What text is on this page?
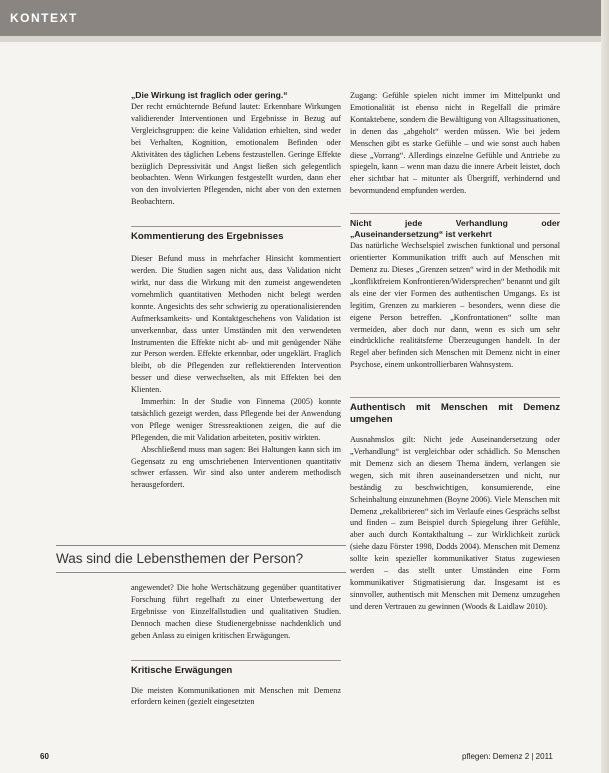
KONTEXT

„Die Wirkung ist fraglich oder gering.“

Der recht ernüchternde Befund lautet: Erkennbare Wirkungen validierender Interventionen und Ergebnisse in Bezug auf Vergleichsgruppen: die keine Validation erhielten, sind weder bei Verhalten, Kognition, emotionalem Befinden oder Aktivitäten des täglichen Lebens festzustellen. Geringe Effekte bezüglich Depressivität und Angst ließen sich gelegentlich beobachten. Wenn Wirkungen festgestellt wurden, dann eher von den involvierten Pflegenden, nicht aber von den externen Beobachtern.

Kommentierung des Ergebnisses

Dieser Befund muss in mehrfacher Hinsicht kommentiert werden. Die Studien sagen nicht aus, dass Validation nicht wirkt, nur dass die Wirkung mit den zumeist angewendeten vornehmlich quantitativen Methoden nicht belegt werden konnte. Angesichts des sehr schwierig zu operationalisierenden Aufmerksamkeits- und Kontaktgeschehens von Validation ist unverkennbar, dass unter Umständen mit den verwendeten Instrumenten die Effekte nicht ab- und mit genügender Nähe zur Person werden. Effekte erkennbar, oder ungeklärt. Fraglich bleibt, ob die Pflegenden zur reflektierenden Intervention besser und diese verwechselten, als mit Effekten bei den Klienten.

Immerhin: In der Studie von Finnema (2005) konnte tatsächlich gezeigt werden, dass Pflegende bei der Anwendung von Pflege weniger Stressreaktionen zeigen, die auf die Pflegenden, die mit Validation arbeiteten, positiv wirkten.

Abschließend muss man sagen: Bei Haltungen kann sich im Gegensatz zu eng umschriebenen Interventionen quantitativ schwer erfassen. Wir sind also unter anderem methodisch herausgefordert.

Was sind die Lebensthemen der Person?

angewendet? Die hohe Wertschätzung gegenüber quantitativer Forschung führt regelhaft zu einer Unterbewertung der Ergebnisse von Einzelfallstudien und qualitativen Studien. Dennoch machen diese Studienergebnisse nachdenklich und geben Anlass zu einigen kritischen Erwägungen.

Kritische Erwägungen

Die meisten Kommunikationen mit Menschen mit Demenz erfordern keinen (gezielt eingesetzten

Zugang: Gefühle spielen nicht immer im Mittelpunkt und Emotionalität ist ebenso nicht in Regelfall die primäre Kontaktebene, sondern die Bewältigung von Alltagssituationen, in denen das „abgeholt“ werden müssen. Wie bei jedem Menschen gibt es starke Gefühle – und wie sonst auch haben diese „Vorrang“. Allerdings einzelne Gefühle und Antriebe zu spiegeln, kann – wenn man dazu die innere Arbeit leistet, doch eher sichtbar hat – mitunter als Übergriff, verhindernd und bevormundend empfunden werden.

Nicht jede Verhandlung oder „Auseinandersetzung“ ist verkehrt

Das natürliche Wechselspiel zwischen funktional und personal orientierter Kommunikation trifft auch auf Menschen mit Demenz zu. Dieses „Grenzen setzen“ wird in der Methodik mit „konfliktfreiem Konfrontieren/Widersprechen“ benannt und gilt als eine der vier Formen des authentischen Umgangs. Es ist legitim, Grenzen zu markieren – besonders, wenn diese die eigene Person betreffen. „Konfrontationen“ sollte man vermeiden, aber doch nur dann, wenn es sich um sehr eindrückliche realitätsferne Überzeugungen handelt. In der Regel aber befinden sich Menschen mit Demenz nicht in einer Psychose, einem unkontrollierbaren Wahnsystem.

Authentisch mit Menschen mit Demenz umgehen

Ausnahmslos gilt: Nicht jede Auseinandersetzung oder „Verhandlung“ ist vergleichbar oder schädlich. So Menschen mit Demenz sich an diesem Thema ändern, verlangen sie wegen, sich mit ihren auseinandersetzen und nicht, nur beständig zu beschwichtigen, konsumierende, eine Scheinhaltung einzunehmen (Boyne 2006). Viele Menschen mit Demenz „rekalibrieren“ sich im Verlaufe eines Gesprächs selbst und finden – zum Beispiel durch Spiegelung ihrer Gefühle, aber auch durch Kontakthaltung – zur Wirklichkeit zurück (siehe dazu Förster 1998, Dodds 2004). Menschen mit Demenz sollte kein spezieller kommunikativer Status zugewiesen werden – das stellt unter Umständen eine Form kommunikativer Stigmatisierung dar. Insgesamt ist es sinnvoller, authentisch mit Menschen mit Demenz umzugehen und deren Vertrauen zu gewinnen (Woods & Laidlaw 2010).

60	pflegen: Demenz 2 | 2011
